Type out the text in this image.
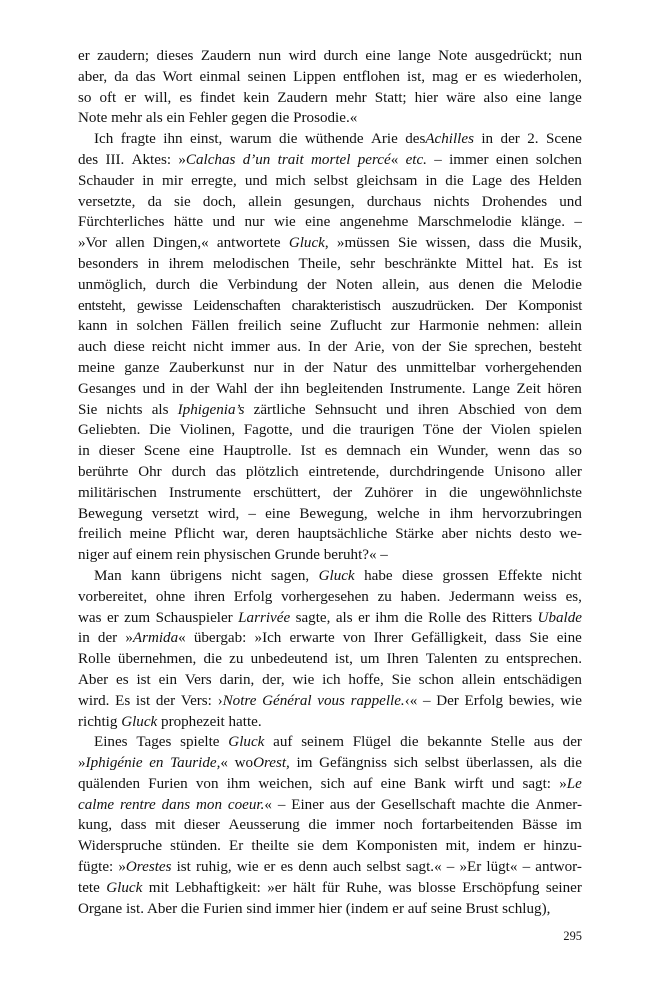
er zaudern; dieses Zaudern nun wird durch eine lange Note ausgedrückt; nun
aber, da das Wort einmal seinen Lippen entflohen ist, mag er es wiederholen,
so oft er will, es findet kein Zaudern mehr Statt; hier wäre also eine lange
Note mehr als ein Fehler gegen die Prosodie.«
Ich fragte ihn einst, warum die wüthende Arie desAchilles in der 2. Scene
des III. Aktes: »Calchas d’un trait mortel percé« etc. – immer einen solchen
Schauder in mir erregte, und mich selbst gleichsam in die Lage des Helden
versetzte, da sie doch, allein gesungen, durchaus nichts Drohendes und
Fürchterliches hätte und nur wie eine angenehme Marschmelodie klänge. –
»Vor allen Dingen,« antwortete Gluck, »müssen Sie wissen, dass die Musik,
besonders in ihrem melodischen Theile, sehr beschränkte Mittel hat. Es ist
unmöglich, durch die Verbindung der Noten allein, aus denen die Melodie
entsteht, gewisse Leidenschaften charakteristisch auszudrücken. Der Komponist
kann in solchen Fällen freilich seine Zuflucht zur Harmonie nehmen: allein
auch diese reicht nicht immer aus. In der Arie, von der Sie sprechen, besteht
meine ganze Zauberkunst nur in der Natur des unmittelbar vorhergehenden
Gesanges und in der Wahl der ihn begleitenden Instrumente. Lange Zeit hören
Sie nichts als Iphigenia’s zärtliche Sehnsucht und ihren Abschied von dem
Geliebten. Die Violinen, Fagotte, und die traurigen Töne der Violen spielen
in dieser Scene eine Hauptrolle. Ist es demnach ein Wunder, wenn das so
berührte Ohr durch das plötzlich eintretende, durchdringende Unisono aller
militärischen Instrumente erschüttert, der Zuhörer in die ungewöhnlichste
Bewegung versetzt wird, – eine Bewegung, welche in ihm hervorzubringen
freilich meine Pflicht war, deren hauptsächliche Stärke aber nichts desto we-
niger auf einem rein physischen Grunde beruht?« –
Man kann übrigens nicht sagen, Gluck habe diese grossen Effekte nicht
vorbereitet, ohne ihren Erfolg vorhergesehen zu haben. Jedermann weiss es,
was er zum Schauspieler Larrivée sagte, als er ihm die Rolle des Ritters Ubalde
in der »Armida« übergab: »Ich erwarte von Ihrer Gefälligkeit, dass Sie eine
Rolle übernehmen, die zu unbedeutend ist, um Ihren Talenten zu entsprechen.
Aber es ist ein Vers darin, der, wie ich hoffe, Sie schon allein entschädigen
wird. Es ist der Vers: ›Notre Général vous rappelle.‹« – Der Erfolg bewies, wie
richtig Gluck prophezeit hatte.
Eines Tages spielte Gluck auf seinem Flügel die bekannte Stelle aus der
»Iphigénie en Tauride,« woOrest, im Gefängniss sich selbst überlassen, als die
quälenden Furien von ihm weichen, sich auf eine Bank wirft und sagt: »Le
calme rentre dans mon coeur.« – Einer aus der Gesellschaft machte die Anmer-
kung, dass mit dieser Aeusserung die immer noch fortarbeitenden Bässe im
Widerspruche stünden. Er theilte sie dem Komponisten mit, indem er hinzu-
fügte: »Orestes ist ruhig, wie er es denn auch selbst sagt.« – »Er lügt« – antwor-
tete Gluck mit Lebhaftigkeit: »er hält für Ruhe, was blosse Erschöpfung seiner
Organe ist. Aber die Furien sind immer hier (indem er auf seine Brust schlug),
295
